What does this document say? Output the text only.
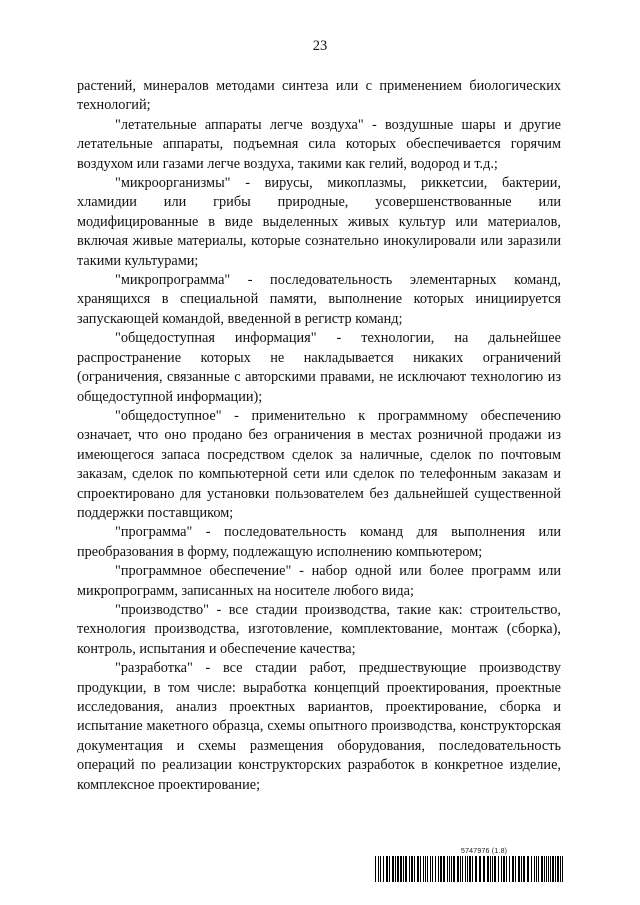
23

растений, минералов методами синтеза или с применением биологических технологий;

"летательные аппараты легче воздуха" - воздушные шары и другие летательные аппараты, подъемная сила которых обеспечивается горячим воздухом или газами легче воздуха, такими как гелий, водород и т.д.;

"микроорганизмы" - вирусы, микоплазмы, риккетсии, бактерии, хламидии или грибы природные, усовершенствованные или модифицированные в виде выделенных живых культур или материалов, включая живые материалы, которые сознательно инокулировали или заразили такими культурами;

"микропрограмма" - последовательность элементарных команд, хранящихся в специальной памяти, выполнение которых инициируется запускающей командой, введенной в регистр команд;

"общедоступная информация" - технологии, на дальнейшее распространение которых не накладывается никаких ограничений (ограничения, связанные с авторскими правами, не исключают технологию из общедоступной информации);

"общедоступное" - применительно к программному обеспечению означает, что оно продано без ограничения в местах розничной продажи из имеющегося запаса посредством сделок за наличные, сделок по почтовым заказам, сделок по компьютерной сети или сделок по телефонным заказам и спроектировано для установки пользователем без дальнейшей существенной поддержки поставщиком;

"программа" - последовательность команд для выполнения или преобразования в форму, подлежащую исполнению компьютером;

"программное обеспечение" - набор одной или более программ или микропрограмм, записанных на носителе любого вида;

"производство" - все стадии производства, такие как: строительство, технология производства, изготовление, комплектование, монтаж (сборка), контроль, испытания и обеспечение качества;

"разработка" - все стадии работ, предшествующие производству продукции, в том числе: выработка концепций проектирования, проектные исследования, анализ проектных вариантов, проектирование, сборка и испытание макетного образца, схемы опытного производства, конструкторская документация и схемы размещения оборудования, последовательность операций по реализации конструкторских разработок в конкретное изделие, комплексное проектирование;

5747976 (1.8)
